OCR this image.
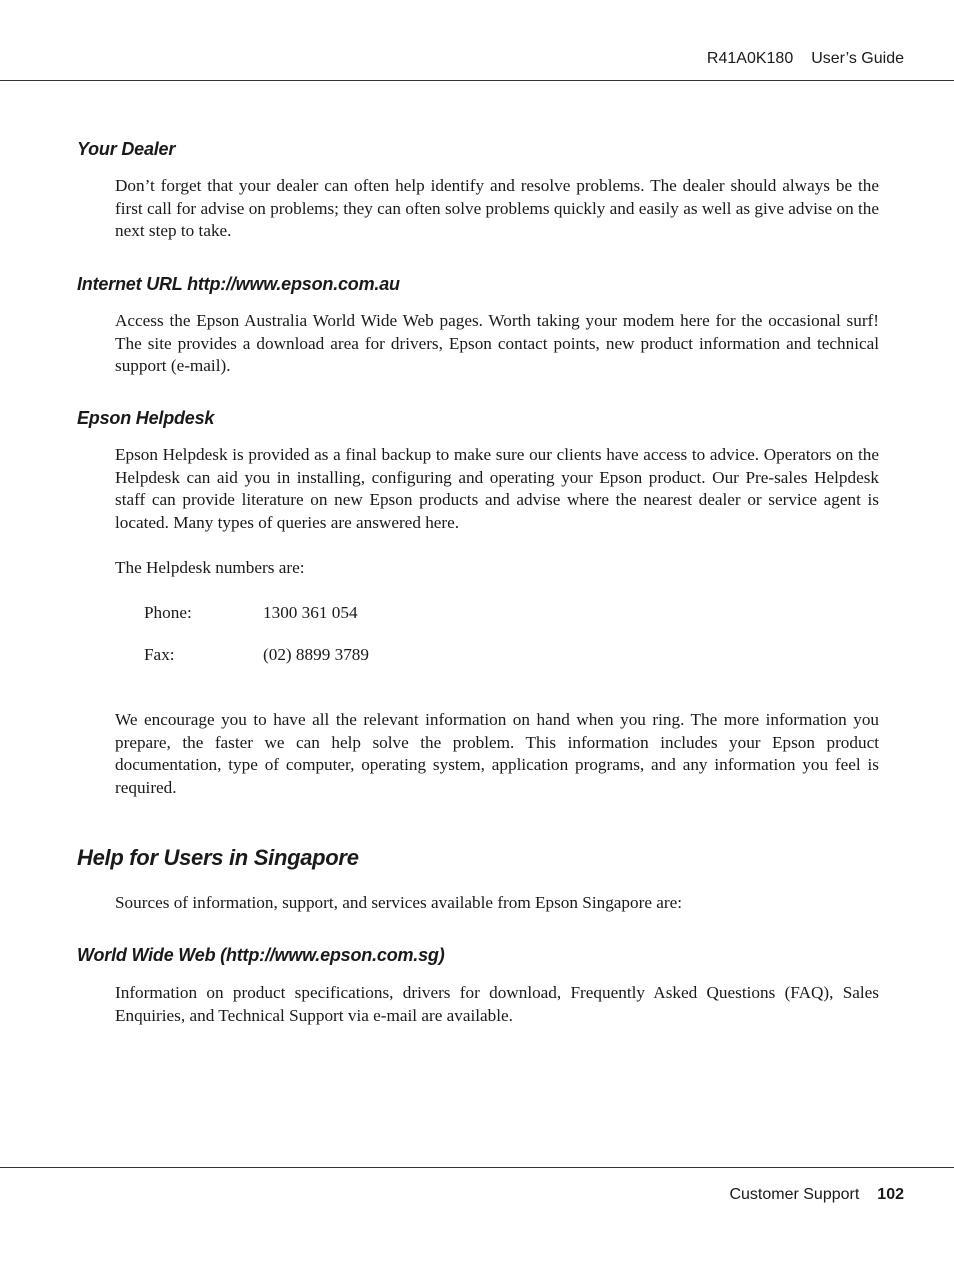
R41A0K180 User’s Guide
Your Dealer
Don’t forget that your dealer can often help identify and resolve problems. The dealer should always be the first call for advise on problems; they can often solve problems quickly and easily as well as give advise on the next step to take.
Internet URL http://www.epson.com.au
Access the Epson Australia World Wide Web pages. Worth taking your modem here for the occasional surf! The site provides a download area for drivers, Epson contact points, new product information and technical support (e-mail).
Epson Helpdesk
Epson Helpdesk is provided as a final backup to make sure our clients have access to advice. Operators on the Helpdesk can aid you in installing, configuring and operating your Epson product. Our Pre-sales Helpdesk staff can provide literature on new Epson products and advise where the nearest dealer or service agent is located. Many types of queries are answered here.
The Helpdesk numbers are:
Phone:	1300 361 054
Fax:	(02) 8899 3789
We encourage you to have all the relevant information on hand when you ring. The more information you prepare, the faster we can help solve the problem. This information includes your Epson product documentation, type of computer, operating system, application programs, and any information you feel is required.
Help for Users in Singapore
Sources of information, support, and services available from Epson Singapore are:
World Wide Web (http://www.epson.com.sg)
Information on product specifications, drivers for download, Frequently Asked Questions (FAQ), Sales Enquiries, and Technical Support via e-mail are available.
Customer Support 102
